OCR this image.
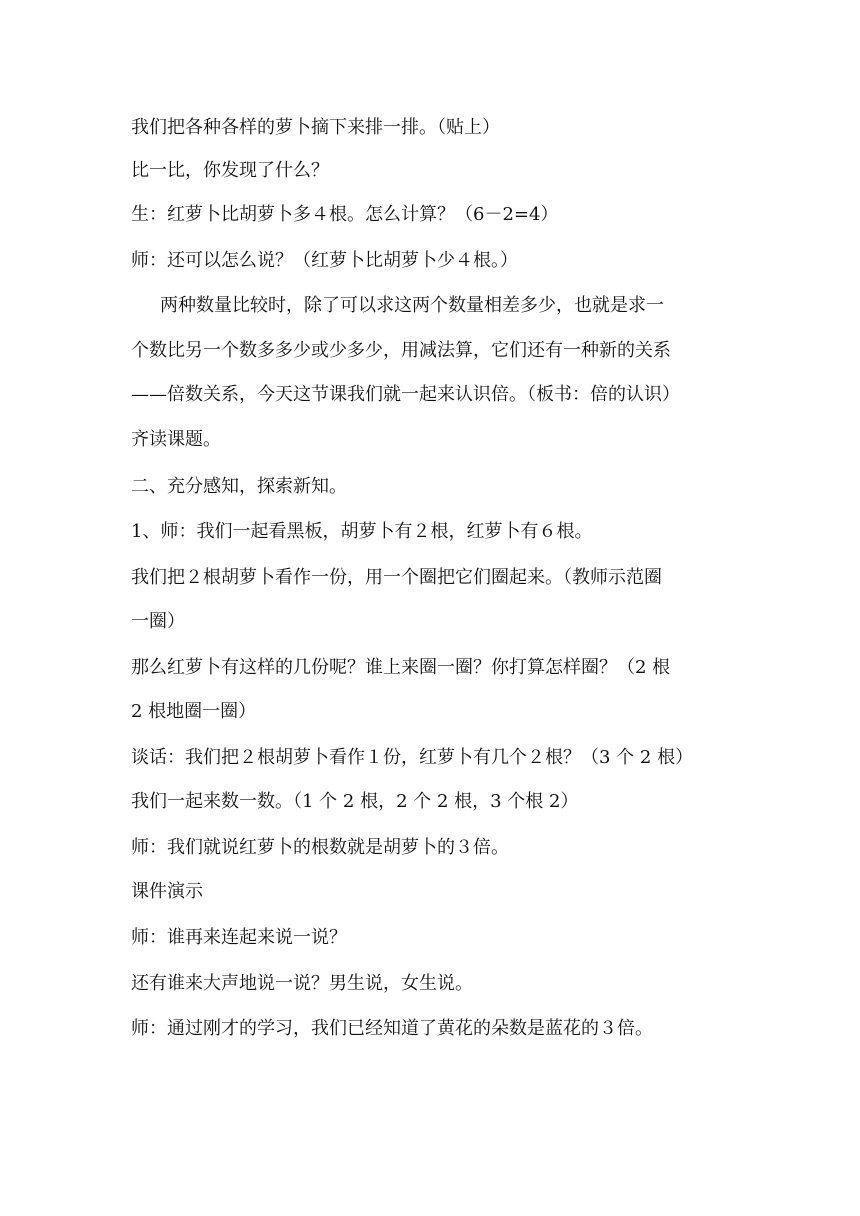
我们把各种各样的萝卜摘下来排一排。（贴上）
比一比，你发现了什么？
生：红萝卜比胡萝卜多４根。怎么计算？（6－2=4）
师：还可以怎么说？（红萝卜比胡萝卜少４根。）
两种数量比较时，除了可以求这两个数量相差多少，也就是求一
个数比另一个数多多少或少多少，用减法算，它们还有一种新的关系
——倍数关系，今天这节课我们就一起来认识倍。（板书：倍的认识）
齐读课题。
二、充分感知，探索新知。
1、师：我们一起看黑板，胡萝卜有２根，红萝卜有６根。
我们把２根胡萝卜看作一份，用一个圈把它们圈起来。（教师示范圈
一圈）
那么红萝卜有这样的几份呢？谁上来圈一圈？你打算怎样圈？（2 根
2 根地圈一圈）
谈话：我们把２根胡萝卜看作１份，红萝卜有几个２根？（3 个 2 根）
我们一起来数一数。（1 个 2 根，2 个 2 根，3 个根 2）
师：我们就说红萝卜的根数就是胡萝卜的３倍。
课件演示
师：谁再来连起来说一说？
还有谁来大声地说一说？男生说，女生说。
师：通过刚才的学习，我们已经知道了黄花的朵数是蓝花的３倍。
